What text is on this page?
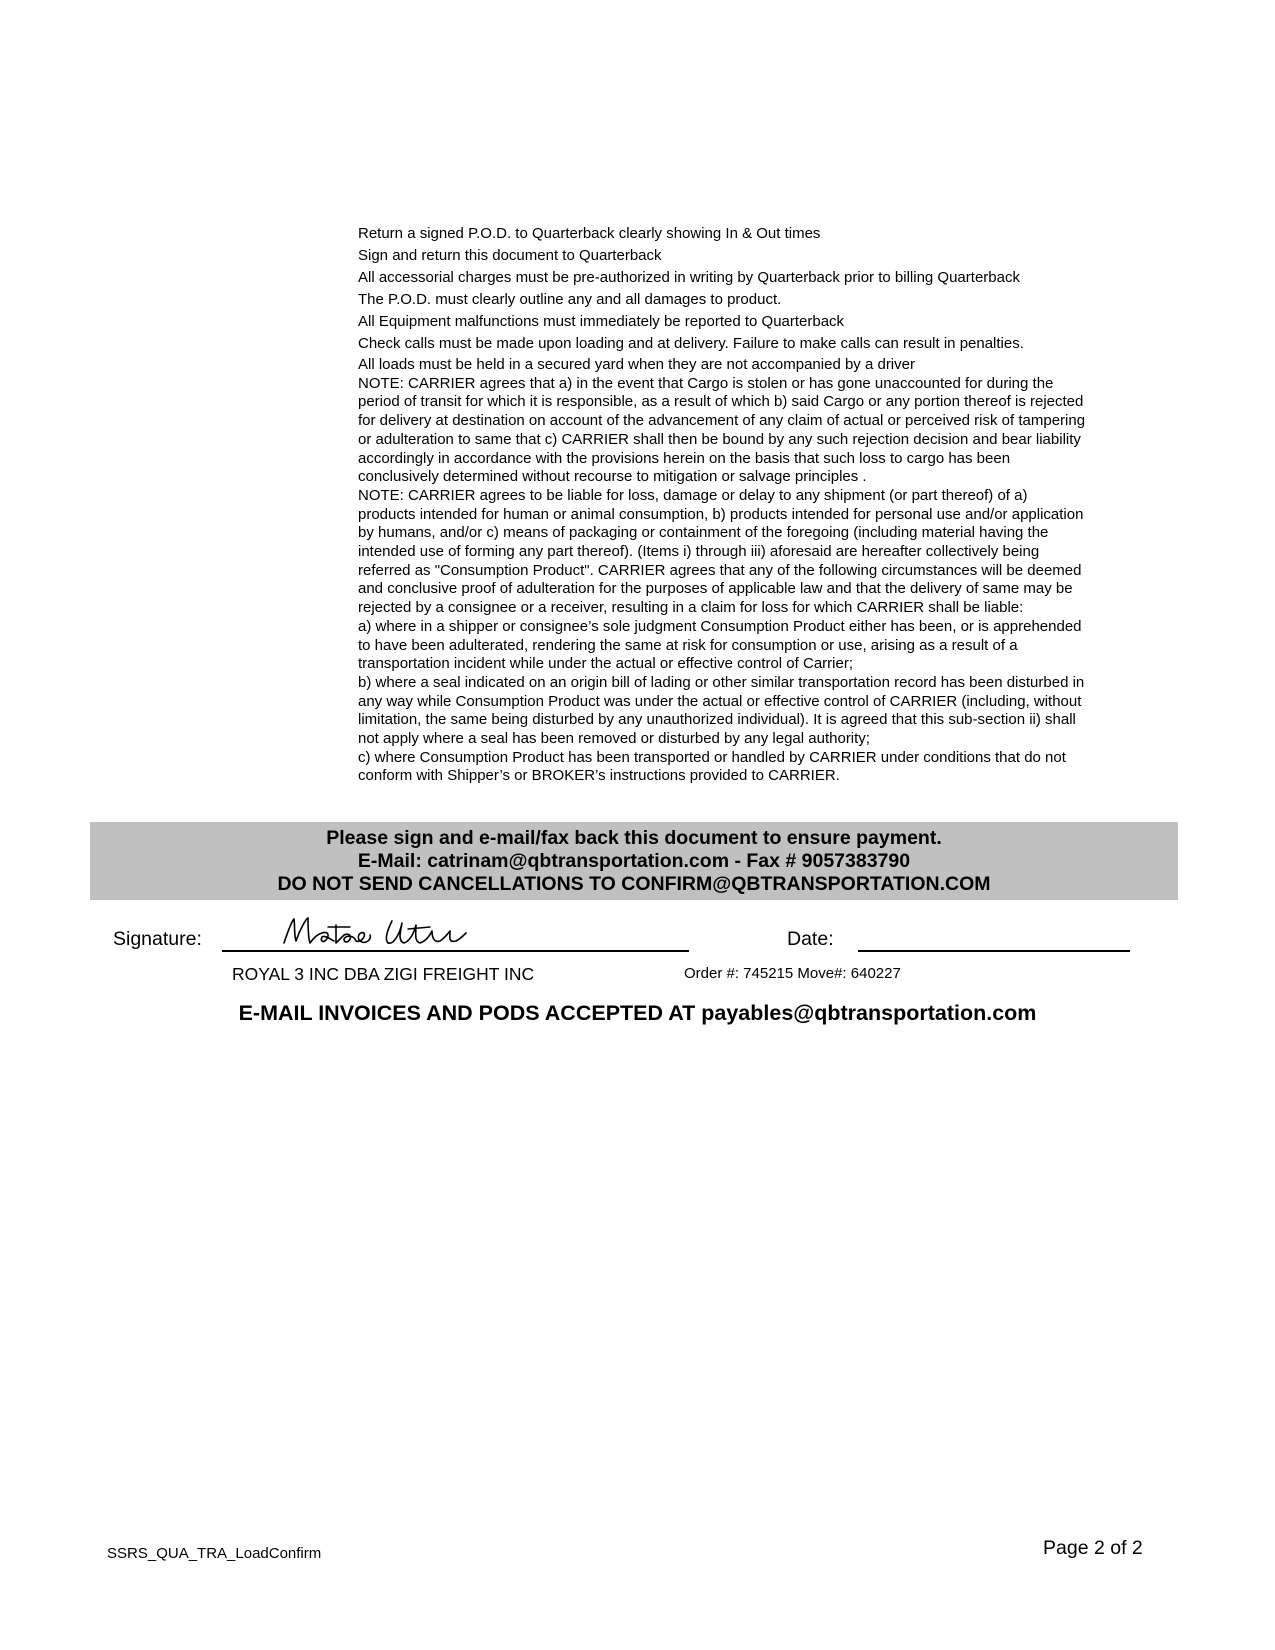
Return a signed P.O.D. to Quarterback clearly showing In & Out times

Sign and return this document to Quarterback

All accessorial charges must be pre-authorized in writing by Quarterback prior to billing Quarterback

The P.O.D. must clearly outline any and all damages to product.

All Equipment malfunctions must immediately be reported to Quarterback

Check calls must be made upon loading and at delivery. Failure to make calls can result in penalties.

All loads must be held in a secured yard when they are not accompanied by a driver

NOTE: CARRIER agrees that a) in the event that Cargo is stolen or has gone unaccounted for during the

period of transit for which it is responsible, as a result of which b) said Cargo or any portion thereof is rejected

for delivery at destination on account of the advancement of any claim of actual or perceived risk of tampering

or adulteration to same that c) CARRIER shall then be bound by any such rejection decision and bear liability

accordingly in accordance with the provisions herein on the basis that such loss to cargo has been

conclusively determined without recourse to mitigation or salvage principles .

NOTE: CARRIER agrees to be liable for loss, damage or delay to any shipment (or part thereof) of a)

products intended for human or animal consumption, b) products intended for personal use and/or application

by humans, and/or c) means of packaging or containment of the foregoing (including material having the

intended use of forming any part thereof). (Items i) through iii) aforesaid are hereafter collectively being

referred as "Consumption Product". CARRIER agrees that any of the following circumstances will be deemed

and conclusive proof of adulteration for the purposes of applicable law and that the delivery of same may be

rejected by a consignee or a receiver, resulting in a claim for loss for which CARRIER shall be liable:

a) where in a shipper or consignee’s sole judgment Consumption Product either has been, or is apprehended

to have been adulterated, rendering the same at risk for consumption or use, arising as a result of a

transportation incident while under the actual or effective control of Carrier;

b) where a seal indicated on an origin bill of lading or other similar transportation record has been disturbed in

any way while Consumption Product was under the actual or effective control of CARRIER (including, without

limitation, the same being disturbed by any unauthorized individual). It is agreed that this sub-section ii) shall

not apply where a seal has been removed or disturbed by any legal authority;

c) where Consumption Product has been transported or handled by CARRIER under conditions that do not

conform with Shipper’s or BROKER’s instructions provided to CARRIER.

Please sign and e-mail/fax back this document to ensure payment.

E-Mail: catrinam@qbtransportation.com - Fax # 9057383790

DO NOT SEND CANCELLATIONS TO CONFIRM@QBTRANSPORTATION.COM

Signature:	Date:
ROYAL 3 INC DBA ZIGI FREIGHT INC	Order #: 745215 Move#: 640227
E-MAIL INVOICES AND PODS ACCEPTED AT payables@qbtransportation.com
SSRS_QUA_TRA_LoadConfirm	Page 2 of 2
